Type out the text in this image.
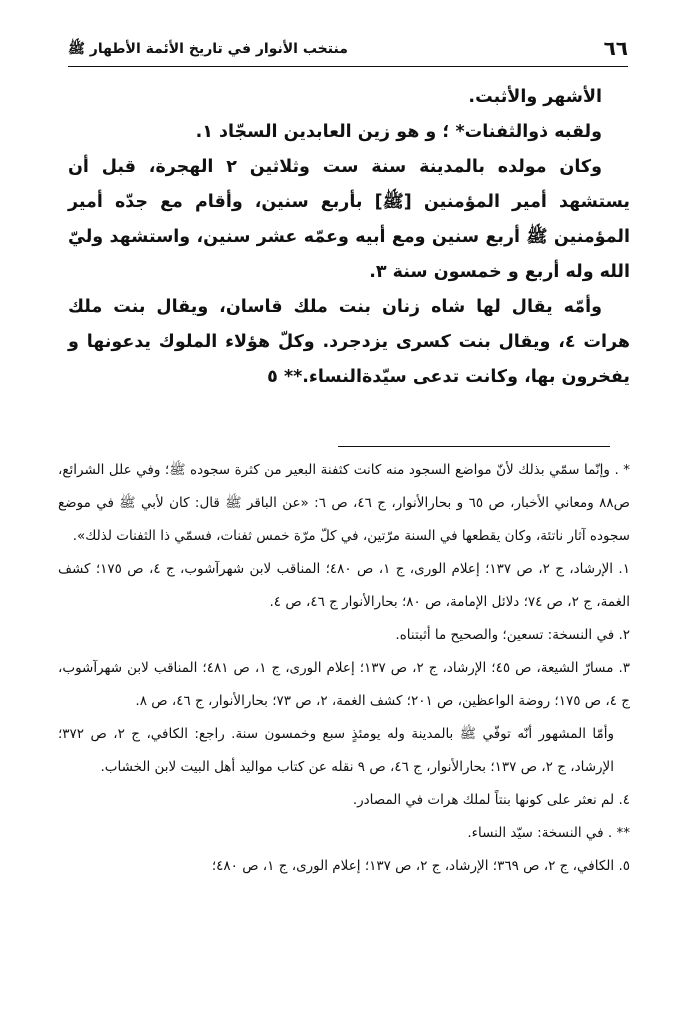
٦٦
منتخب الأنوار في تاريخ الأئمة الأطهار ﷺ

الأشهر والأثبت.

ولقبه ذوالثفنات* ؛ و هو زين العابدين السجّاد ١.

وكان مولده بالمدينة سنة ست وثلاثين ٢ الهجرة، قبل أن يستشهد أمير المؤمنين [ﷺ] بأربع سنين، وأقام مع جدّه أمير المؤمنين ﷺ أربع سنين ومع أبيه وعمّه عشر سنين، واستشهد وليّ الله وله أربع و خمسون سنة ٣.

وأمّه يقال لها شاه زنان بنت ملك قاسان، ويقال بنت ملك هرات ٤، ويقال بنت كسرى يزدجرد. وكلّ هؤلاء الملوك يدعونها و يفخرون بها، وكانت تدعى سيّدةالنساء.** ٥

* . وإنّما سمّي بذلك لأنّ مواضع السجود منه كانت كثفنة البعير من كثرة سجوده ﷺ؛ وفي علل الشرائع، ص٨٨ ومعاني الأخبار، ص ٦٥ و بحارالأنوار، ج ٤٦، ص ٦: «عن الباقر ﷺ قال: كان لأبي ﷺ في موضع سجوده آثار ناتئة، وكان يقطعها في السنة مرّتين، في كلّ مرّة خمس ثفنات، فسمّي ذا الثفنات لذلك».

١. الإرشاد، ج ٢، ص ١٣٧؛ إعلام الورى، ج ١، ص ٤٨٠؛ المناقب لابن شهرآشوب، ج ٤، ص ١٧٥؛ كشف الغمة، ج ٢، ص ٧٤؛ دلائل الإمامة، ص ٨٠؛ بحارالأنوار ج ٤٦، ص ٤.

٢. في النسخة: تسعين؛ والصحيح ما أثبتناه.

٣. مسارّ الشيعة، ص ٤٥؛ الإرشاد، ج ٢، ص ١٣٧؛ إعلام الورى، ج ١، ص ٤٨١؛ المناقب لابن شهرآشوب، ج ٤، ص ١٧٥؛ روضة الواعظين، ص ٢٠١؛ كشف الغمة، ٢، ص ٧٣؛ بحارالأنوار، ج ٤٦، ص ٨.

وأمّا المشهور أنّه توفّي ﷺ بالمدينة وله يومئذٍ سبع وخمسون سنة. راجع: الكافي، ج ٢، ص ٣٧٢؛ الإرشاد، ج ٢، ص ١٣٧؛ بحارالأنوار، ج ٤٦، ص ٩ نقله عن كتاب مواليد أهل البيت لابن الخشاب.

٤. لم نعثر على كونها بنتاً لملك هرات في المصادر.

** . في النسخة: سيّد النساء.

٥. الكافي، ج ٢، ص ٣٦٩؛ الإرشاد، ج ٢، ص ١٣٧؛ إعلام الورى، ج ١، ص ٤٨٠؛
